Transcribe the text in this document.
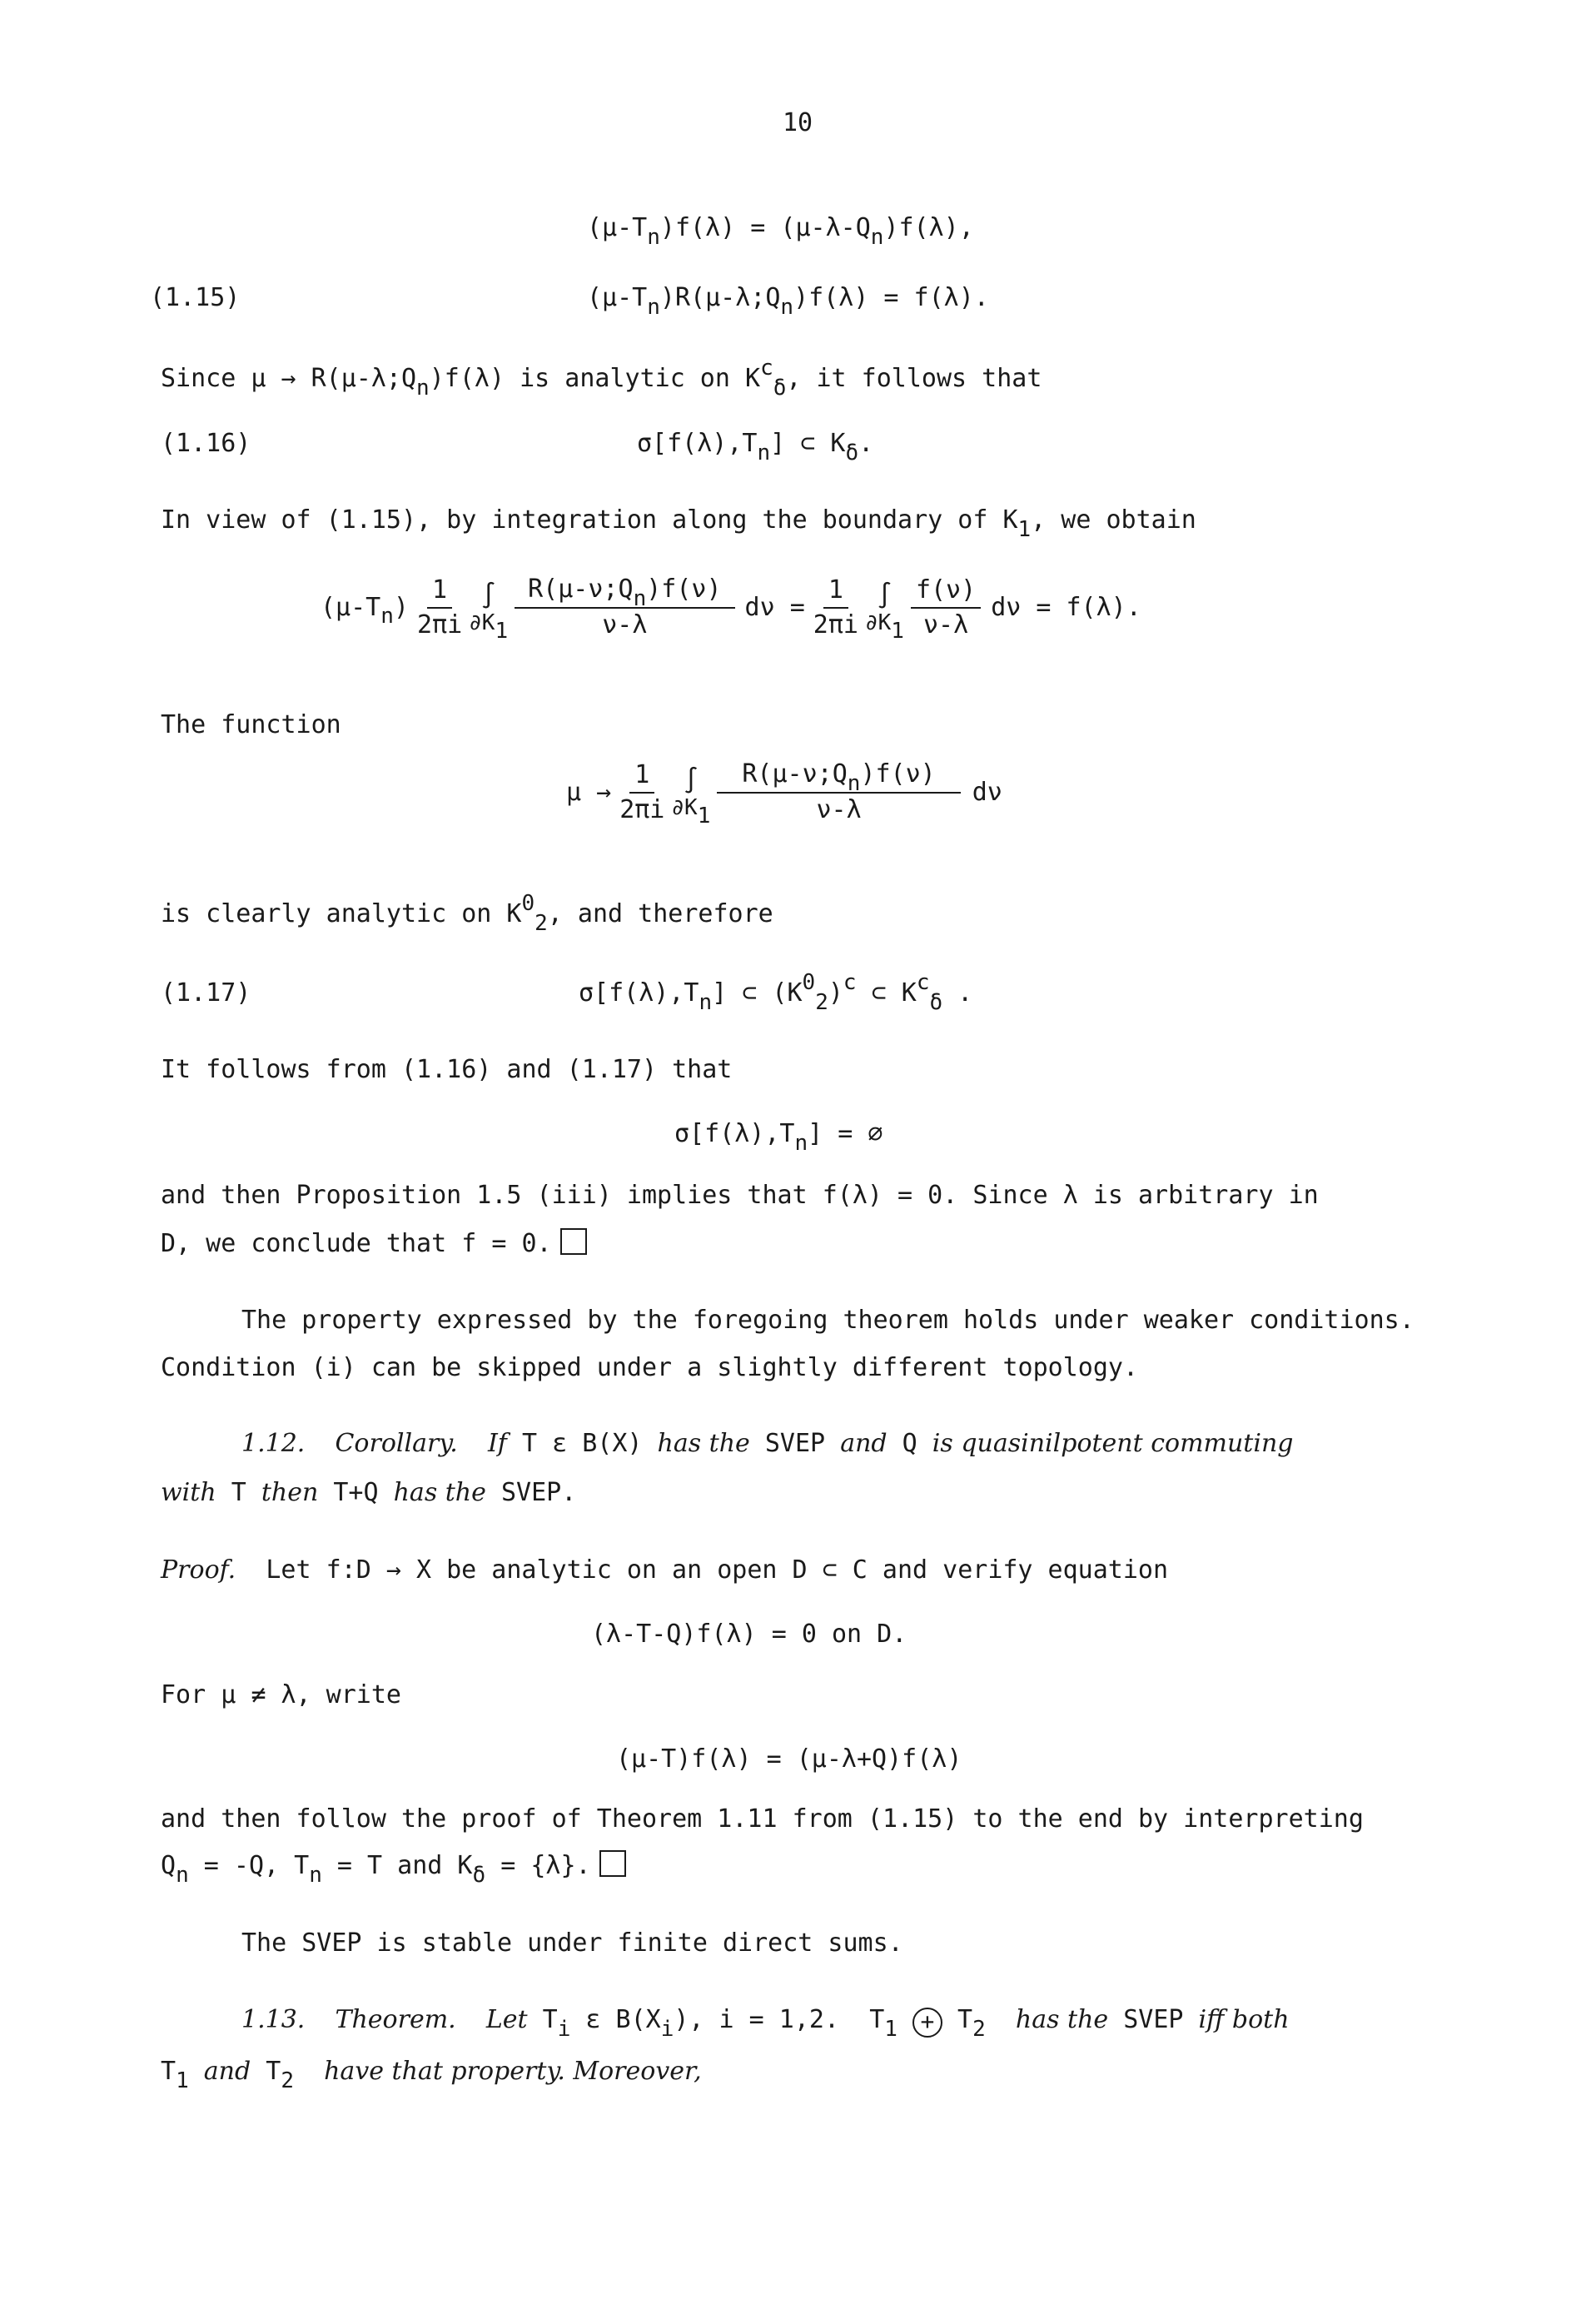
10
(μ-Tn)f(λ) = (μ-λ-Qn)f(λ),
(1.15)	(μ-Tn)R(μ-λ;Qn)f(λ) = f(λ).
Since μ → R(μ-λ;Qn)f(λ) is analytic on Kcδ, it follows that
(1.16)	σ[f(λ),Tn] ⊂ Kδ.
In view of (1.15), by integration along the boundary of K1, we obtain
(μ-T n ) $\frac{1}{2\pi i}$ ∫
$\partial K1 \frac{R(\mu-\nu;Qn)f(\nu)}{\nu-\lambda}$ $d\nu = \frac{1}{2\pi i}$ ∫
$\partial K1 \frac{f(\nu)}{\nu-\lambda}$ dν = f(λ).
The function
$\mu \to \frac{1}{2\pi i}$ ∫
$\partial K1 \frac{R(\mu-\nu;Qn)f(\nu)}{\nu-\lambda}$ dν
is clearly analytic on K02, and therefore
(1.17)	σ[f(λ),Tn] ⊂ (K02)c ⊂ Kcδ .
It follows from (1.16) and (1.17) that
σ[f(λ),Tn] = ∅
and then Proposition 1.5 (iii) implies that f(λ) = 0. Since λ is arbitrary in
D, we conclude that f = 0.
The property expressed by the foregoing theorem holds under weaker conditions.
Condition (i) can be skipped under a slightly different topology.
1.12. Corollary. If T ε B(X) has the SVEP and Q is quasinilpotent commuting
with T then T+Q has the SVEP.
Proof. Let f:D → X be analytic on an open D ⊂ C and verify equation
(λ-T-Q)f(λ) = 0 on D.
For μ ≠ λ, write
(μ-T)f(λ) = (μ-λ+Q)f(λ)
and then follow the proof of Theorem 1.11 from (1.15) to the end by interpreting
Qn = -Q, Tn = T and Kδ = {λ}.
The SVEP is stable under finite direct sums.
1.13. Theorem. Let Ti ε B(Xi), i = 1,2. T1 + T2 has the SVEP iff both
T1 and T2 have that property. Moreover,
